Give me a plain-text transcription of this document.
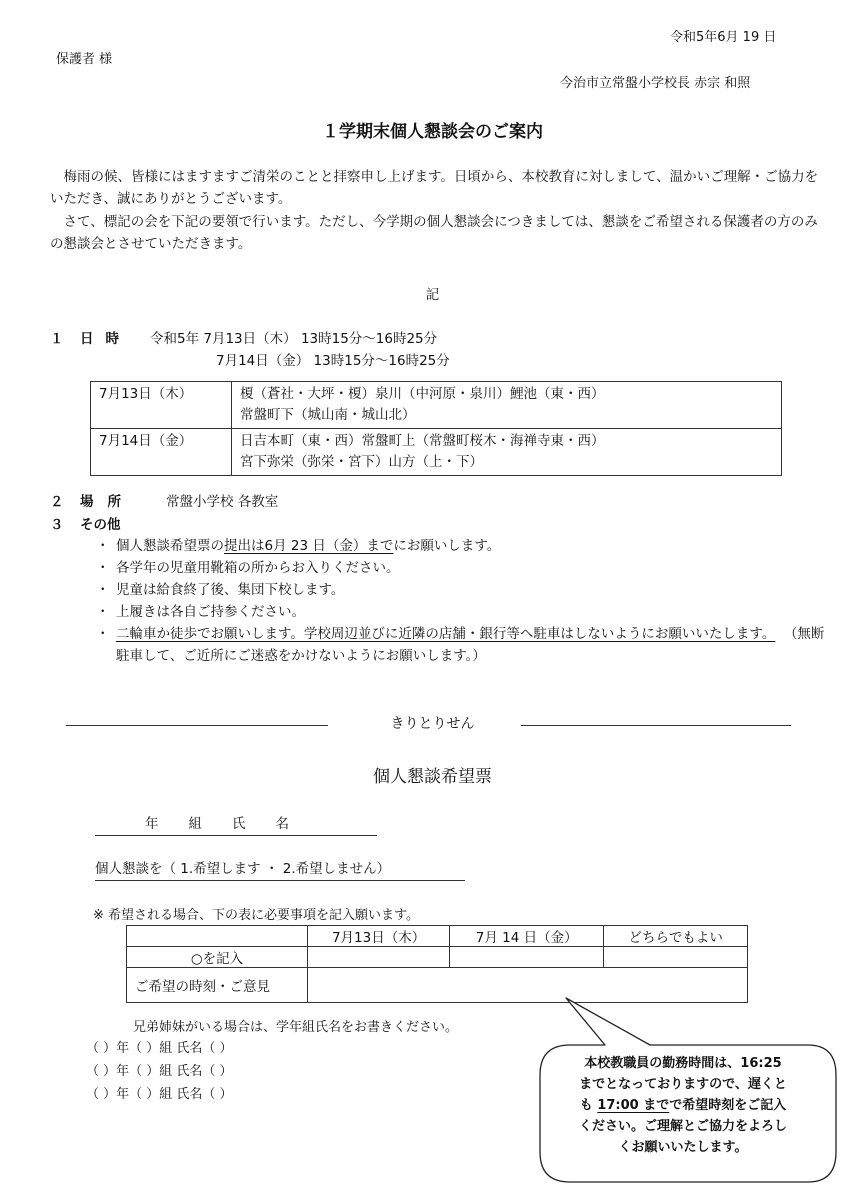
令和5年6月 19 日
保護者 様
今治市立常盤小学校長 赤宗 和照
１学期末個人懇談会のご案内
梅雨の候、皆様にはますますご清栄のことと拝察申し上げます。日頃から、本校教育に対しまして、温かいご理解・ご協力をいただき、誠にありがとうございます。
さて、標記の会を下記の要領で行います。ただし、今学期の個人懇談会につきましては、懇談をご希望される保護者の方のみの懇談会とさせていただきます。
記
１ 日時 令和5年 7月13日（木） 13時15分～16時25分
7月14日（金） 13時15分～16時25分
7月13日（木）	榎（蒼社・大坪・榎）泉川（中河原・泉川）鯉池（東・西）
常盤町下（城山南・城山北）

7月14日（金）	日吉本町（東・西）常盤町上（常盤町桜木・海禅寺東・西）
宮下弥栄（弥栄・宮下）山方（上・下）
２ 場所 常盤小学校 各教室
３ その他
・ 個人懇談希望票の提出は6月 23 日（金）までにお願いします。
・ 各学年の児童用靴箱の所からお入りください。
・ 児童は給食終了後、集団下校します。
・ 上履きは各自ご持参ください。
・ 二輪車か徒歩でお願いします。学校周辺並びに近隣の店舗・銀行等へ駐車はしないようにお願いいたします。 （無断駐車して、ご近所にご迷惑をかけないようにお願いします。）
きりとりせん
個人懇談希望票
年組氏名
個人懇談を（ 1.希望します ・ 2.希望しません）
※ 希望される場合、下の表に必要事項を記入願います。
	7月13日（木）	7月 14 日（金）	どちらでもよい
○を記入			
ご希望の時刻・ご意見			
兄弟姉妹がいる場合は、学年組氏名をお書きください。
（ ）年（ ）組 氏名（ ）
（ ）年（ ）組 氏名（ ）
（ ）年（ ）組 氏名（ ）
本校教職員の勤務時間は、16:25
までとなっておりますので、遅くと
も 17:00 までで希望時刻をご記入
ください。ご理解とご協力をよろし
くお願いいたします。
